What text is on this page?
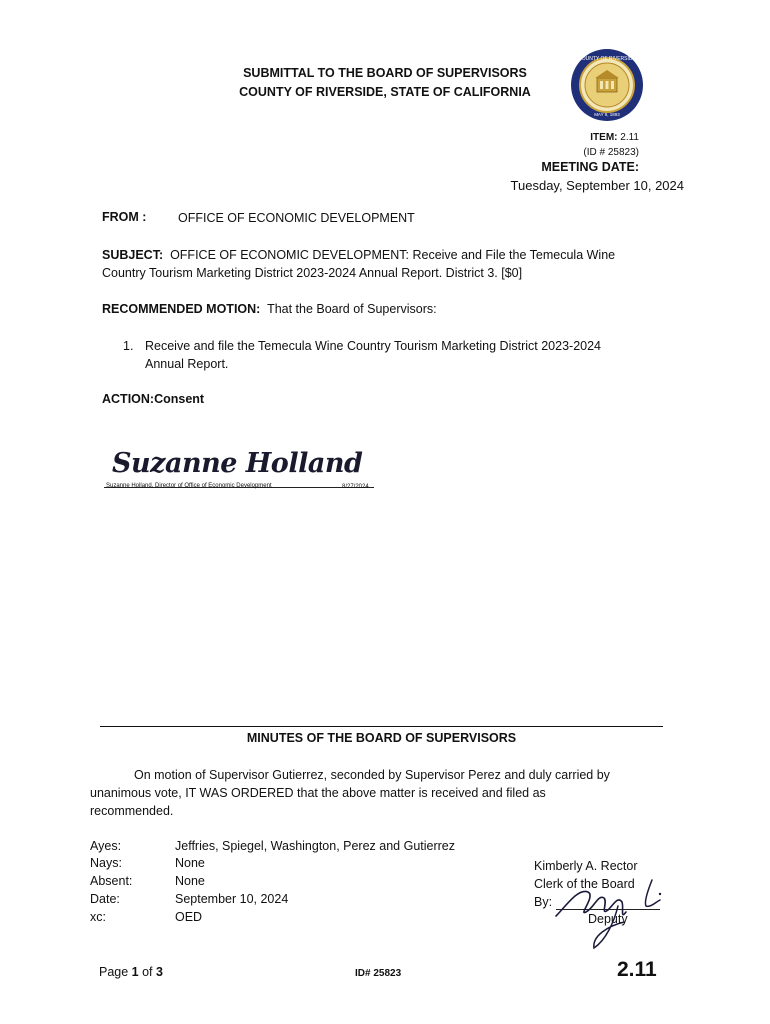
SUBMITTAL TO THE BOARD OF SUPERVISORS
COUNTY OF RIVERSIDE, STATE OF CALIFORNIA
COUNTY OF RIVERSIDE
MAY 9, 1893
ITEM: 2.11
(ID # 25823)
MEETING DATE:
Tuesday, September 10, 2024
FROM :	OFFICE OF ECONOMIC DEVELOPMENT
SUBJECT: OFFICE OF ECONOMIC DEVELOPMENT: Receive and File the Temecula Wine
Country Tourism Marketing District 2023-2024 Annual Report. District 3. [$0]
RECOMMENDED MOTION: That the Board of Supervisors:
1. Receive and file the Temecula Wine Country Tourism Marketing District 2023-2024
Annual Report.
ACTION:Consent
Suzanne Holland
Suzanne Holland, Director of Office of Economic Development	8/27/2024
MINUTES OF THE BOARD OF SUPERVISORS
On motion of Supervisor Gutierrez, seconded by Supervisor Perez and duly carried by
unanimous vote, IT WAS ORDERED that the above matter is received and filed as
recommended.
Ayes:	Jeffries, Spiegel, Washington, Perez and Gutierrez
Nays:	None
Absent:	None
Date:	September 10, 2024
xc:	OED
Kimberly A. Rector
Clerk of the Board
By:
Deputy
Page 1 of 3	ID# 25823	2.11
